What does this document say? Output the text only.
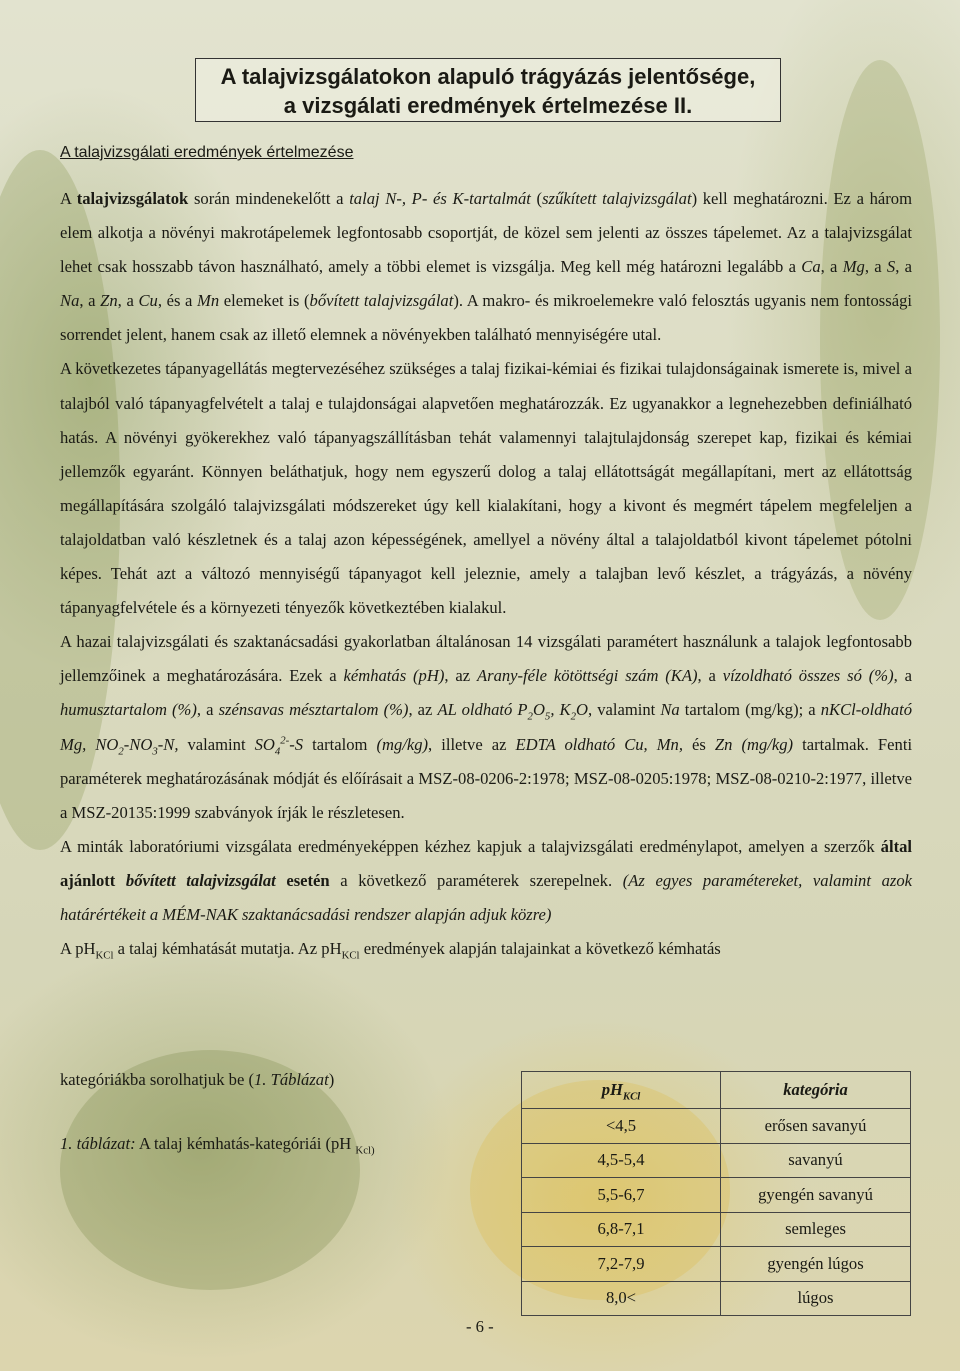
A talajvizsgálatokon alapuló trágyázás jelentősége,
a vizsgálati eredmények értelmezése II.
A talajvizsgálati eredmények értelmezése

A talajvizsgálatok során mindenekelőtt a talaj N-, P- és K-tartalmát (szűkített talajvizsgálat) kell meghatározni. Ez a három elem alkotja a növényi makrotápelemek legfontosabb csoportját, de közel sem jelenti az összes tápelemet. Az a talajvizsgálat lehet csak hosszabb távon használható, amely a többi elemet is vizsgálja. Meg kell még határozni legalább a Ca, a Mg, a S, a Na, a Zn, a Cu, és a Mn elemeket is (bővített talajvizsgálat). A makro- és mikroelemekre való felosztás ugyanis nem fontossági sorrendet jelent, hanem csak az illető elemnek a növényekben található mennyiségére utal.

A következetes tápanyagellátás megtervezéséhez szükséges a talaj fizikai-kémiai és fizikai tulajdonságainak ismerete is, mivel a talajból való tápanyagfelvételt a talaj e tulajdonságai alapvetően meghatározzák. Ez ugyanakkor a legnehezebben definiálható hatás. A növényi gyökerekhez való tápanyagszállításban tehát valamennyi talajtulajdonság szerepet kap, fizikai és kémiai jellemzők egyaránt. Könnyen beláthatjuk, hogy nem egyszerű dolog a talaj ellátottságát megállapítani, mert az ellátottság megállapítására szolgáló talajvizsgálati módszereket úgy kell kialakítani, hogy a kivont és megmért tápelem megfeleljen a talajoldatban való készletnek és a talaj azon képességének, amellyel a növény által a talajoldatból kivont tápelemet pótolni képes. Tehát azt a változó mennyiségű tápanyagot kell jeleznie, amely a talajban levő készlet, a trágyázás, a növény tápanyagfelvétele és a környezeti tényezők következtében kialakul.

A hazai talajvizsgálati és szaktanácsadási gyakorlatban általánosan 14 vizsgálati paramétert használunk a talajok legfontosabb jellemzőinek a meghatározására. Ezek a kémhatás (pH), az Arany-féle kötöttségi szám (KA), a vízoldható összes só (%), a humusztartalom (%), a szénsavas mésztartalom (%), az AL oldható $P_2O_5$, $K_2O$, valamint Na tartalom (mg/kg); a nKCl-oldható Mg, $NO_2-NO_3-N$, valamint $SO_4^{2-}-S$ tartalom (mg/kg), illetve az EDTA oldható Cu, Mn, és Zn (mg/kg) tartalmak. Fenti paraméterek meghatározásának módját és előírásait a MSZ-08-0206-2:1978; MSZ-08-0205:1978; MSZ-08-0210-2:1977, illetve a MSZ-20135:1999 szabványok írják le részletesen.

A minták laboratóriumi vizsgálata eredményeképpen kézhez kapjuk a talajvizsgálati eredménylapot, amelyen a szerzők által ajánlott bővített talajvizsgálat esetén a következő paraméterek szerepelnek. (Az egyes paramétereket, valamint azok határértékeit a MÉM-NAK szaktanácsadási rendszer alapján adjuk közre)

A $pH_{KCl}$ a talaj kémhatását mutatja. Az $pH_{KCl}$ eredmények alapján talajainkat a következő kémhatás

kategóriákba sorolhatjuk be (1. Táblázat)
1. táblázat: A talaj kémhatás-kategóriái (pH $_{Kcl)}$
$pH_{KCl}$	kategória
<4,5	erősen savanyú
4,5-5,4	savanyú
5,5-6,7	gyengén savanyú
6,8-7,1	semleges
7,2-7,9	gyengén lúgos
8,0<	lúgos
- 6 -
